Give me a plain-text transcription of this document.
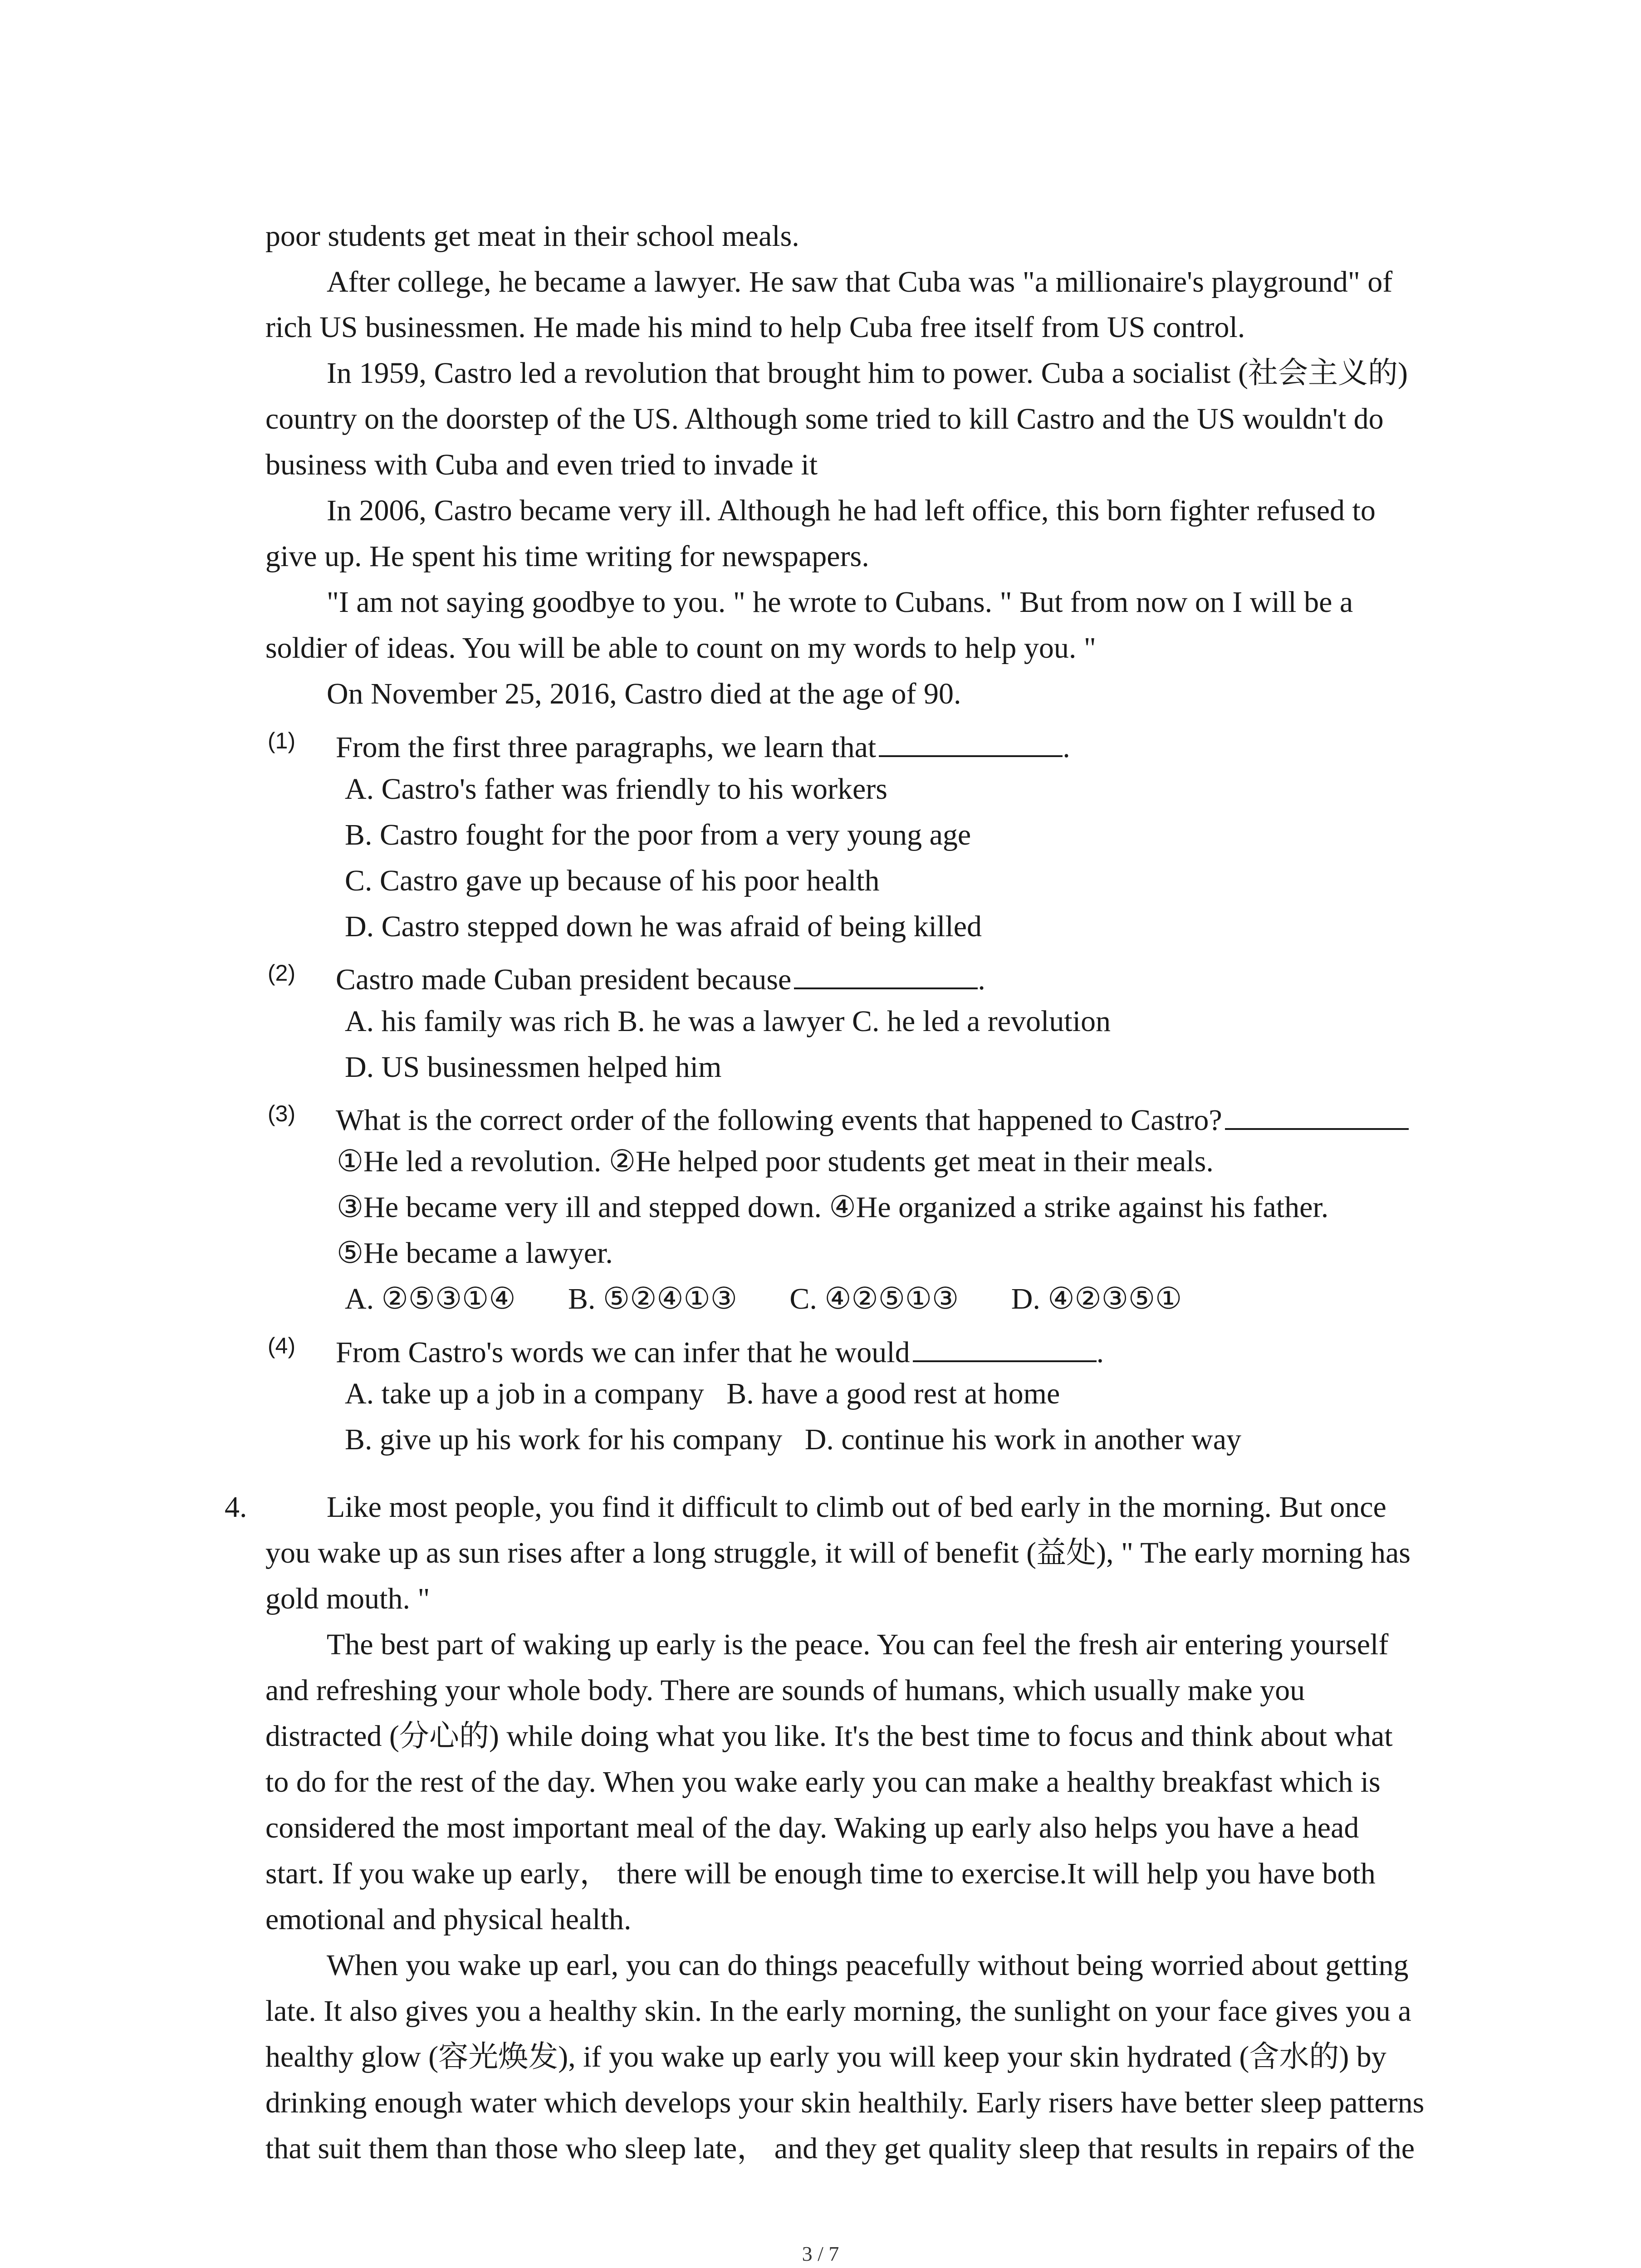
poor students get meat in their school meals.
After college, he became a lawyer. He saw that Cuba was "a millionaire's playground" of
rich US businessmen. He made his mind to help Cuba free itself from US control.
In 1959, Castro led a revolution that brought him to power. Cuba a socialist (社会主义的)
country on the doorstep of the US. Although some tried to kill Castro and the US wouldn't do
business with Cuba and even tried to invade it
In 2006, Castro became very ill. Although he had left office, this born fighter refused to
give up. He spent his time writing for newspapers.
"I am not saying goodbye to you. " he wrote to Cubans. " But from now on I will be a
soldier of ideas. You will be able to count on my words to help you. "
On November 25, 2016, Castro died at the age of 90.
(1) From the first three paragraphs, we learn that	.
A. Castro's father was friendly to his workers
B. Castro fought for the poor from a very young age
C. Castro gave up because of his poor health
D. Castro stepped down he was afraid of being killed
(2) Castro made Cuban president because	.
A. his family was rich B. he was a lawyer C. he led a revolution
D. US businessmen helped him
(3) What is the correct order of the following events that happened to Castro?
①He led a revolution. ②He helped poor students get meat in their meals.
③He became very ill and stepped down. ④He organized a strike against his father.
⑤He became a lawyer.
A. ②⑤③①④       B. ⑤②④①③       C. ④②⑤①③       D. ④②③⑤①
(4) From Castro's words we can infer that he would	.
A. take up a job in a company   B. have a good rest at home
B. give up his work for his company   D. continue his work in another way
4.	Like most people, you find it difficult to climb out of bed early in the morning. But once
you wake up as sun rises after a long struggle, it will of benefit (益处), " The early morning has
gold mouth. "
The best part of waking up early is the peace. You can feel the fresh air entering yourself
and refreshing your whole body. There are sounds of humans, which usually make you
distracted (分心的) while doing what you like. It's the best time to focus and think about what
to do for the rest of the day. When you wake early you can make a healthy breakfast which is
considered the most important meal of the day. Waking up early also helps you have a head
start. If you wake up early， there will be enough time to exercise.It will help you have both
emotional and physical health.
When you wake up earl, you can do things peacefully without being worried about getting
late. It also gives you a healthy skin. In the early morning, the sunlight on your face gives you a
healthy glow (容光焕发), if you wake up early you will keep your skin hydrated (含水的) by
drinking enough water which develops your skin healthily. Early risers have better sleep patterns
that suit them than those who sleep late， and they get quality sleep that results in repairs of the
3 / 7
